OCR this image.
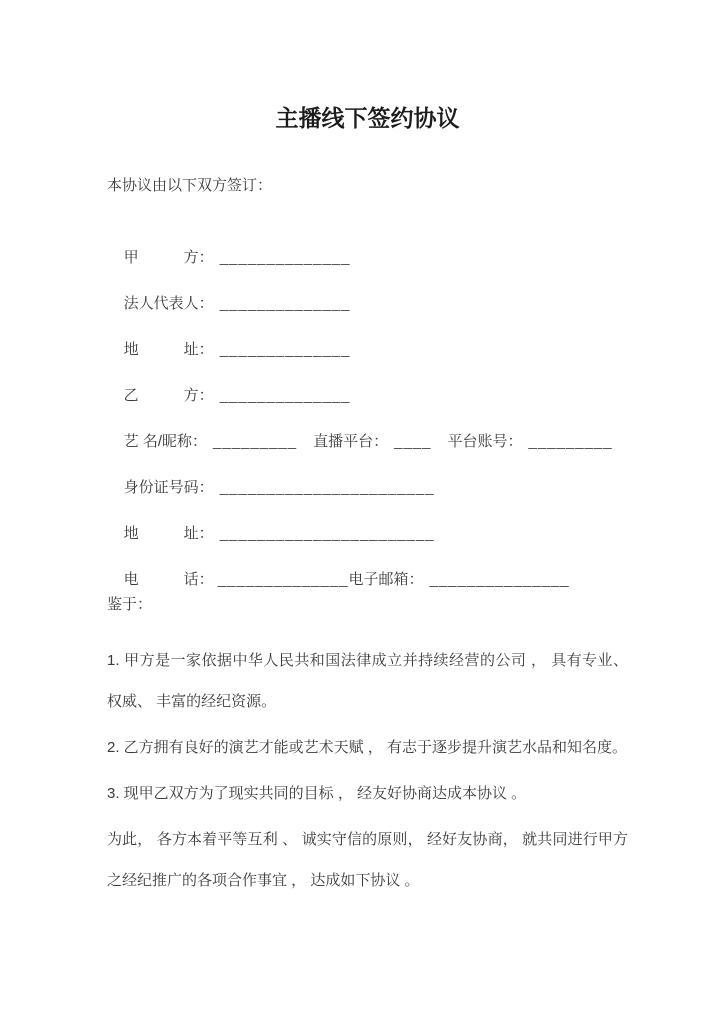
主播线下签约协议

本协议由以下双方签订：

甲　　　方： ______________

法人代表人： ______________

地　　　址： ______________

乙　　　方： ______________

艺 名/昵称： _________ 直播平台： ____ 平台账号： _________

身份证号码： _______________________

地　　　址： _______________________

电　　　话： ______________电子邮箱： _______________

鉴于：

1. 甲方是一家依据中华人民共和国法律成立并持续经营的公司 ， 具有专业、 权威、 丰富的经纪资源。

2. 乙方拥有良好的演艺才能或艺术天赋 ， 有志于逐步提升演艺水品和知名度。

3. 现甲乙双方为了现实共同的目标 ， 经友好协商达成本协议 。

为此， 各方本着平等互利 、 诚实守信的原则， 经好友协商， 就共同进行甲方之经纪推广的各项合作事宜 ， 达成如下协议 。
